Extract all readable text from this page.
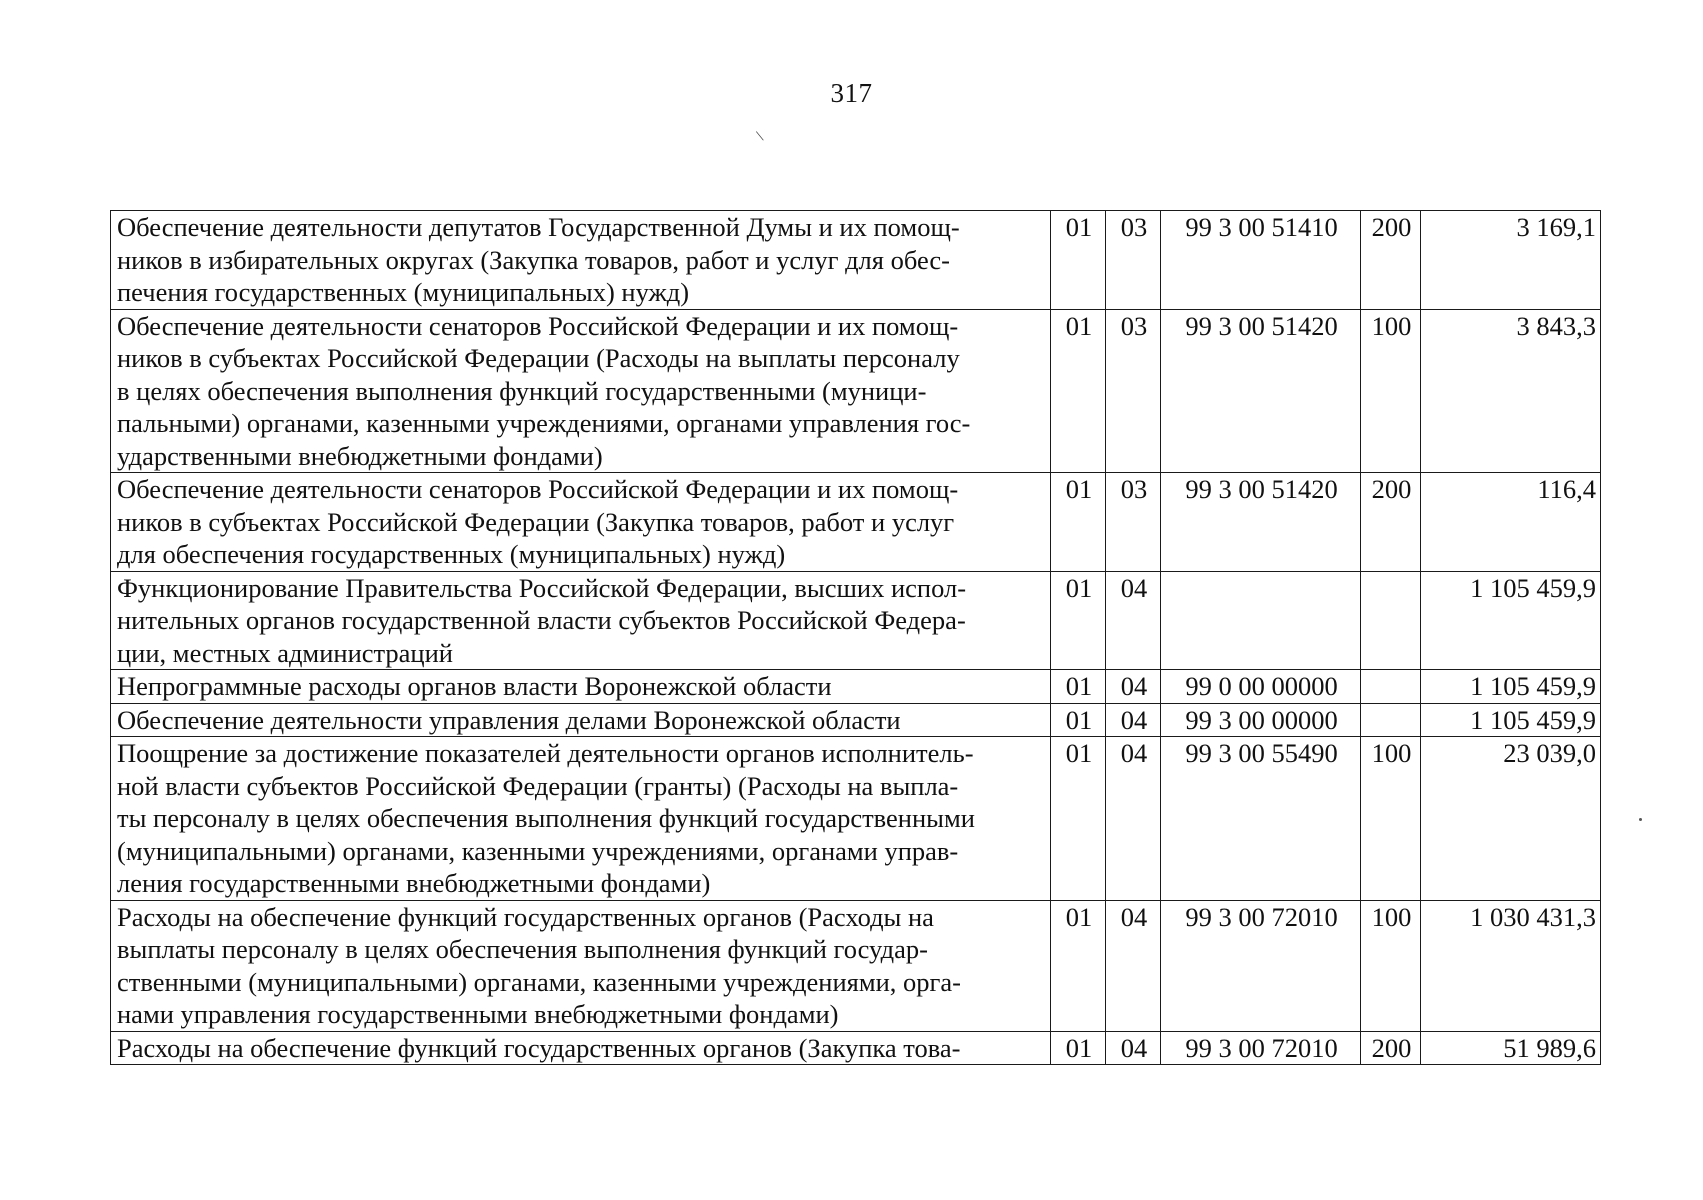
317
\
Обеспечение деятельности депутатов Государственной Думы и их помощ-
ников в избирательных округах (Закупка товаров, работ и услуг для обес-
печения государственных (муниципальных) нужд)	01	03	99 3 00 51410	200	3 169,1

Обеспечение деятельности сенаторов Российской Федерации и их помощ-
ников в субъектах Российской Федерации (Расходы на выплаты персоналу
в целях обеспечения выполнения функций государственными (муници-
пальными) органами, казенными учреждениями, органами управления гос-
ударственными внебюджетными фондами)	01	03	99 3 00 51420	100	3 843,3

Обеспечение деятельности сенаторов Российской Федерации и их помощ-
ников в субъектах Российской Федерации (Закупка товаров, работ и услуг
для обеспечения государственных (муниципальных) нужд)	01	03	99 3 00 51420	200	116,4

Функционирование Правительства Российской Федерации, высших испол-
нительных органов государственной власти субъектов Российской Федера-
ции, местных администраций	01	04			1 105 459,9

Непрограммные расходы органов власти Воронежской области	01	04	99 0 00 00000		1 105 459,9

Обеспечение деятельности управления делами Воронежской области	01	04	99 3 00 00000		1 105 459,9

Поощрение за достижение показателей деятельности органов исполнитель-
ной власти субъектов Российской Федерации (гранты) (Расходы на выпла-
ты персоналу в целях обеспечения выполнения функций государственными
(муниципальными) органами, казенными учреждениями, органами управ-
ления государственными внебюджетными фондами)	01	04	99 3 00 55490	100	23 039,0

Расходы на обеспечение функций государственных органов (Расходы на
выплаты персоналу в целях обеспечения выполнения функций государ-
ственными (муниципальными) органами, казенными учреждениями, орга-
нами управления государственными внебюджетными фондами)	01	04	99 3 00 72010	100	1 030 431,3

Расходы на обеспечение функций государственных органов (Закупка това-	01	04	99 3 00 72010	200	51 989,6
